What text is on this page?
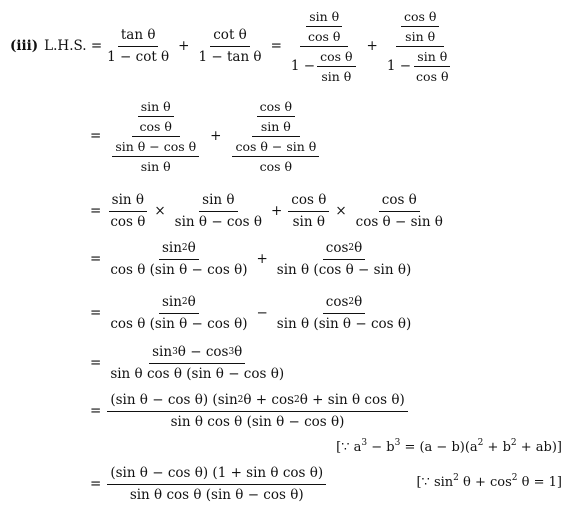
(iii) L.H.S. = $\frac{\text{tan θ}}{\text{1 − cot θ}} + \frac{\text{cot θ}}{\text{1 − tan θ}} = \frac{\frac{\text{sin θ}}{\text{cos θ}}}{1 - \frac{\text{cos θ}}{\text{sin θ}}} + \frac{\frac{\text{cos θ}}{\text{sin θ}}}{1 - \frac{\text{sin θ}}{\text{cos θ}}}$
= $\frac{\frac{\text{sin θ}}{\text{cos θ}}}{\frac{\text{sin θ − cos θ}}{\text{sin θ}}} + \frac{\frac{\text{cos θ}}{\text{sin θ}}}{\frac{\text{cos θ − sin θ}}{\text{cos θ}}}$
= $\frac{\text{sin θ}}{\text{cos θ}} \times \frac{\text{sin θ}}{\text{sin θ − cos θ}} + \frac{\text{cos θ}}{\text{sin θ}} \times \frac{\text{cos θ}}{\text{cos θ − sin θ}}$
= $\frac{\sin 2 \theta}{\text{cos θ (sin θ − cos θ)}} + \frac{\cos 2 \theta}{\text{sin θ (cos θ − sin θ)}}$
= $\frac{\sin 2 \theta}{\text{cos θ (sin θ − cos θ)}} - \frac{\cos 2 \theta}{\text{sin θ (sin θ − cos θ)}}$
= $\frac{\sin 3 \theta - \cos 3 \theta}{\text{sin θ cos θ (sin θ − cos θ)}}$
= $\frac{\text{(sin θ − cos θ) (sin 2 θ + cos 2 θ + sin θ cos θ)}}{\text{sin θ cos θ (sin θ − cos θ)}}$
[∵ $a^3 - b^3 = (a - b)(a^2 + b^2 + ab)$]
= $\frac{\text{(sin θ − cos θ) (1 + sin θ cos θ)}}{\text{sin θ cos θ (sin θ − cos θ)}}$	[∵ $\sin^2 \theta + \cos^2 \theta = 1$]
